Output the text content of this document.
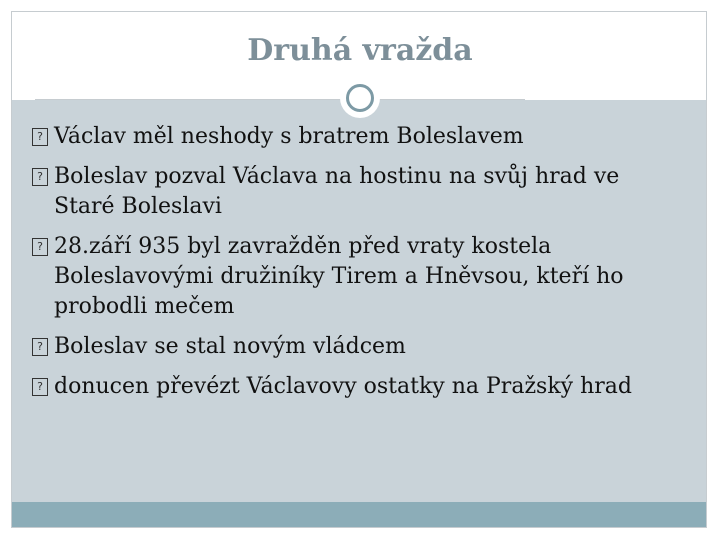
Druhá vražda
? Václav měl neshody s bratrem Boleslavem
? Boleslav pozval Václava na hostinu na svůj hrad ve Staré Boleslavi
? 28.září 935 byl zavražděn před vraty kostela Boleslavovými družiníky Tirem a Hněvsou, kteří ho probodli mečem
? Boleslav se stal novým vládcem
? donucen převézt Václavovy ostatky na Pražský hrad
